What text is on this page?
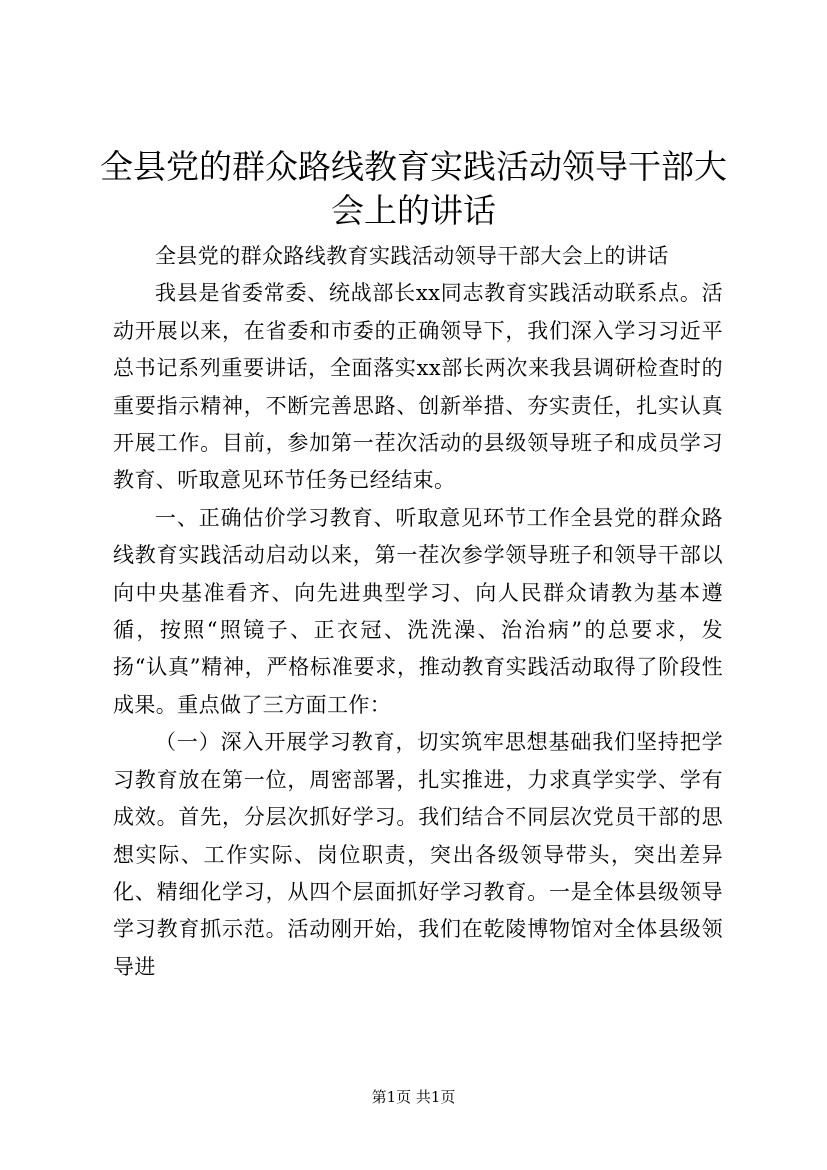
全县党的群众路线教育实践活动领导干部大会上的讲话

全县党的群众路线教育实践活动领导干部大会上的讲话

我县是省委常委、统战部长xx同志教育实践活动联系点。活动开展以来，在省委和市委的正确领导下，我们深入学习习近平总书记系列重要讲话，全面落实xx部长两次来我县调研检查时的重要指示精神，不断完善思路、创新举措、夯实责任，扎实认真开展工作。目前，参加第一茬次活动的县级领导班子和成员学习教育、听取意见环节任务已经结束。

一、正确估价学习教育、听取意见环节工作全县党的群众路线教育实践活动启动以来，第一茬次参学领导班子和领导干部以向中央基准看齐、向先进典型学习、向人民群众请教为基本遵循，按照“照镜子、正衣冠、洗洗澡、治治病”的总要求，发扬“认真”精神，严格标准要求，推动教育实践活动取得了阶段性成果。重点做了三方面工作：

（一）深入开展学习教育，切实筑牢思想基础我们坚持把学习教育放在第一位，周密部署，扎实推进，力求真学实学、学有成效。首先，分层次抓好学习。我们结合不同层次党员干部的思想实际、工作实际、岗位职责，突出各级领导带头，突出差异化、精细化学习，从四个层面抓好学习教育。一是全体县级领导学习教育抓示范。活动刚开始，我们在乾陵博物馆对全体县级领导进

第1页 共1页
